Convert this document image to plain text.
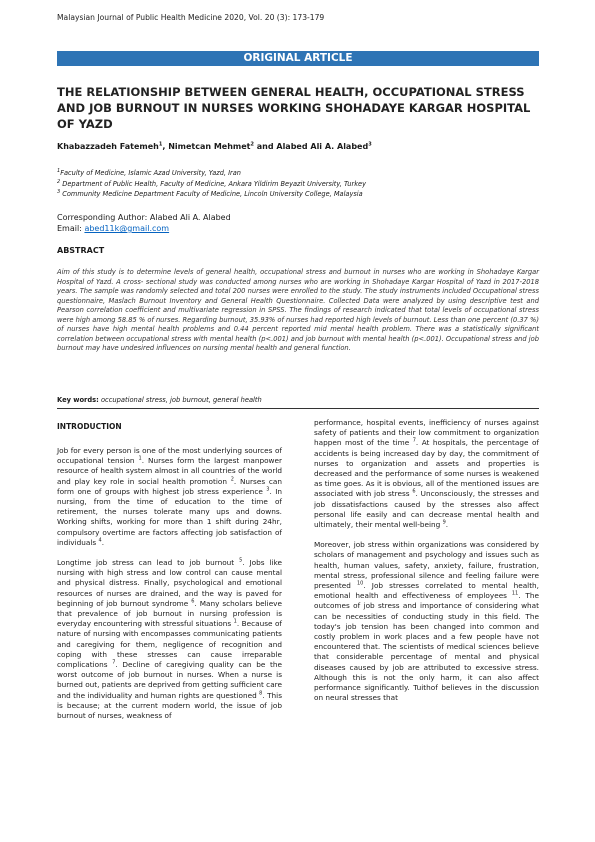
Malaysian Journal of Public Health Medicine 2020, Vol. 20 (3): 173-179
ORIGINAL ARTICLE
THE RELATIONSHIP BETWEEN GENERAL HEALTH, OCCUPATIONAL STRESS AND JOB BURNOUT IN NURSES WORKING SHOHADAYE KARGAR HOSPITAL OF YAZD
Khabazzadeh Fatemeh$^1$, Nimetcan Mehmet$^2$ and Alabed Ali A. Alabed$^3$
$^1$Faculty of Medicine, Islamic Azad University, Yazd, Iran
$^2$ Department of Public Health, Faculty of Medicine, Ankara Yildirim Beyazit University, Turkey
$^3$ Community Medicine Department Faculty of Medicine, Lincoln University College, Malaysia
Corresponding Author: Alabed Ali A. Alabed
Email: abed11k@gmail.com
ABSTRACT
Aim of this study is to determine levels of general health, occupational stress and burnout in nurses who are working in Shohadaye Kargar Hospital of Yazd. A cross- sectional study was conducted among nurses who are working in Shohadaye Kargar Hospital of Yazd in 2017-2018 years. The sample was randomly selected and total 200 nurses were enrolled to the study. The study instruments included Occupational stress questionnaire, Maslach Burnout Inventory and General Health Questionnaire. Collected Data were analyzed by using descriptive test and Pearson correlation coefficient and multivariate regression in SPSS. The findings of research indicated that total levels of occupational stress were high among 58.85 % of nurses. Regarding burnout, 35.93% of nurses had reported high levels of burnout. Less than one percent (0.37 %) of nurses have high mental health problems and 0.44 percent reported mid mental health problem. There was a statistically significant correlation between occupational stress with mental health (p<.001) and job burnout with mental health (p<.001). Occupational stress and job burnout may have undesired influences on nursing mental health and general function.
Key words: occupational stress, job burnout, general health
INTRODUCTION

Job for every person is one of the most underlying sources of occupational tension $^1$. Nurses form the largest manpower resource of health system almost in all countries of the world and play key role in social health promotion $^2$. Nurses can form one of groups with highest job stress experience $^3$. In nursing, from the time of education to the time of retirement, the nurses tolerate many ups and downs. Working shifts, working for more than 1 shift during 24hr, compulsory overtime are factors affecting job satisfaction of individuals $^4$.

Longtime job stress can lead to job burnout $^5$. Jobs like nursing with high stress and low control can cause mental and physical distress. Finally, psychological and emotional resources of nurses are drained, and the way is paved for beginning of job burnout syndrome $^6$. Many scholars believe that prevalence of job burnout in nursing profession is everyday encountering with stressful situations $^1$. Because of nature of nursing with encompasses communicating patients and caregiving for them, negligence of recognition and coping with these stresses can cause irreparable complications $^7$. Decline of caregiving quality can be the worst outcome of job burnout in nurses. When a nurse is burned out, patients are deprived from getting sufficient care and the individuality and human rights are questioned $^8$. This is because; at the current modern world, the issue of job burnout of nurses, weakness of

performance, hospital events, inefficiency of nurses against safety of patients and their low commitment to organization happen most of the time $^7$. At hospitals, the percentage of accidents is being increased day by day, the commitment of nurses to organization and assets and properties is decreased and the performance of some nurses is weakened as time goes. As it is obvious, all of the mentioned issues are associated with job stress $^6$. Unconsciously, the stresses and job dissatisfactions caused by the stresses also affect personal life easily and can decrease mental health and ultimately, their mental well-being $^9$.

Moreover, job stress within organizations was considered by scholars of management and psychology and issues such as health, human values, safety, anxiety, failure, frustration, mental stress, professional silence and feeling failure were presented $^{10}$. Job stresses correlated to mental health, emotional health and effectiveness of employees $^{11}$. The outcomes of job stress and importance of considering what can be necessities of conducting study in this field. The today's job tension has been changed into common and costly problem in work places and a few people have not encountered that. The scientists of medical sciences believe that considerable percentage of mental and physical diseases caused by job are attributed to excessive stress. Although this is not the only harm, it can also affect performance significantly. Tuithof believes in the discussion on neural stresses that
